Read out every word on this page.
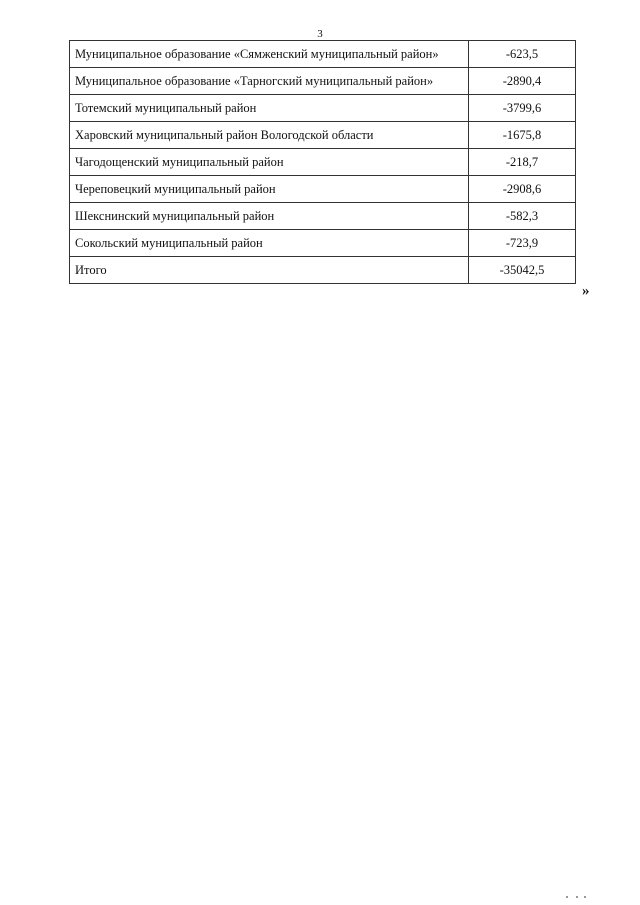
3
Муниципальное образование «Сямженский муниципальный район»	-623,5
Муниципальное образование «Тарногский муниципальный район»	-2890,4
Тотемский муниципальный район	-3799,6
Харовский муниципальный район Вологодской области	-1675,8
Чагодощенский муниципальный район	-218,7
Череповецкий муниципальный район	-2908,6
Шекснинский муниципальный район	-582,3
Сокольский муниципальный район	-723,9
Итого	-35042,5
»
